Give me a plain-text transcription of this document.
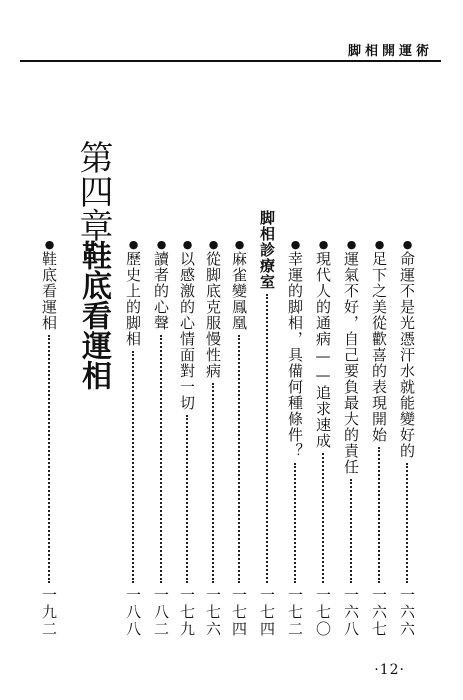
脚相開運術
●
命運不是光憑汗水就能變好的
一六六
●
足下之美從歡喜的表現開始
一六七
●
運氣不好，自己要負最大的責任
一六八
●
現代人的通病——追求速成
一七〇
●
幸運的脚相，具備何種條件？
一七二
脚相診療室
一七四
●
麻雀變鳳凰
一七四
●
從脚底克服慢性病
一七六
●
以感激的心情面對一切
一七九
●
讀者的心聲
一八二
●
歷史上的脚相
一八八
第四章
鞋底看運相
●
鞋底看運相
一九二
·12·
